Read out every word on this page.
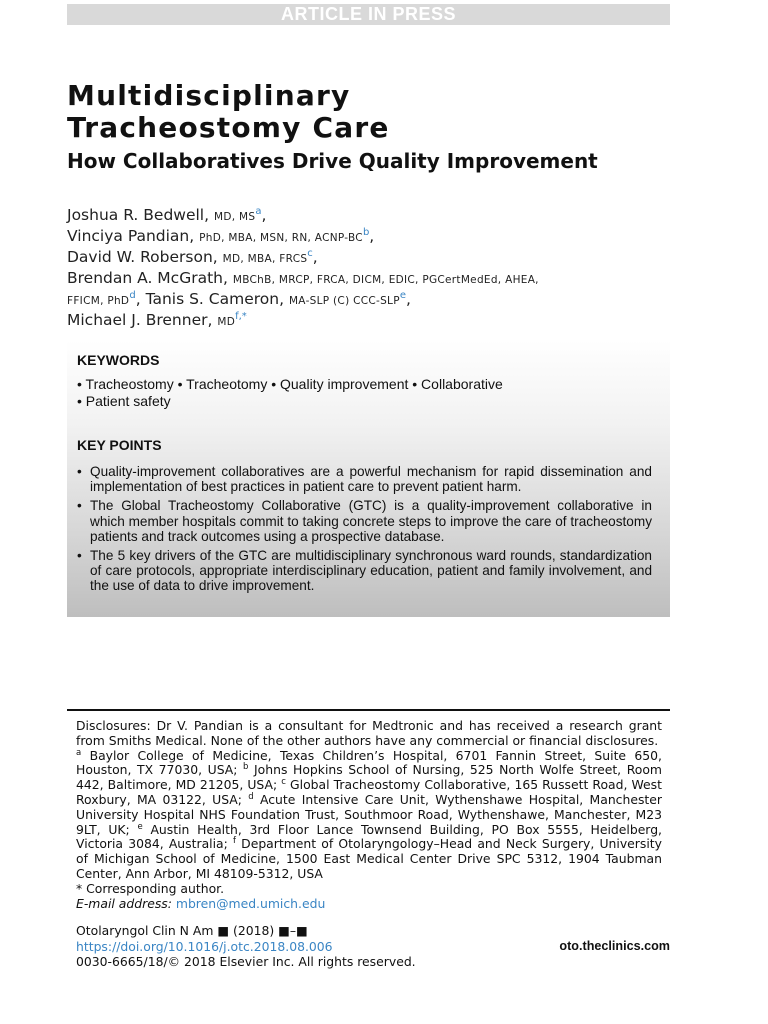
ARTICLE IN PRESS
Multidisciplinary
Tracheostomy Care
How Collaboratives Drive Quality Improvement
Joshua R. Bedwell, MD, MS$^a$,
Vinciya Pandian, PhD, MBA, MSN, RN, ACNP-BC$^b$,
David W. Roberson, MD, MBA, FRCS$^c$,
Brendan A. McGrath, MBChB, MRCP, FRCA, DICM, EDIC, PGCertMedEd, AHEA,
FFICM, PhD$^d$, Tanis S. Cameron, MA-SLP (C) CCC-SLP$^e$,
Michael J. Brenner, MD$^{f,*}$
KEYWORDS
• Tracheostomy • Tracheotomy • Quality improvement • Collaborative
• Patient safety
KEY POINTS
• Quality-improvement collaboratives are a powerful mechanism for rapid dissemination and implementation of best practices in patient care to prevent patient harm.
• The Global Tracheostomy Collaborative (GTC) is a quality-improvement collaborative in which member hospitals commit to taking concrete steps to improve the care of tracheostomy patients and track outcomes using a prospective database.
• The 5 key drivers of the GTC are multidisciplinary synchronous ward rounds, standardization of care protocols, appropriate interdisciplinary education, patient and family involvement, and the use of data to drive improvement.

Disclosures: Dr V. Pandian is a consultant for Medtronic and has received a research grant from Smiths Medical. None of the other authors have any commercial or financial disclosures.

$^a$ Baylor College of Medicine, Texas Children’s Hospital, 6701 Fannin Street, Suite 650, Houston, TX 77030, USA; $^b$ Johns Hopkins School of Nursing, 525 North Wolfe Street, Room 442, Baltimore, MD 21205, USA; $^c$ Global Tracheostomy Collaborative, 165 Russett Road, West Roxbury, MA 03122, USA; $^d$ Acute Intensive Care Unit, Wythenshawe Hospital, Manchester University Hospital NHS Foundation Trust, Southmoor Road, Wythenshawe, Manchester, M23 9LT, UK; $^e$ Austin Health, 3rd Floor Lance Townsend Building, PO Box 5555, Heidelberg, Victoria 3084, Australia; $^f$ Department of Otolaryngology–Head and Neck Surgery, University of Michigan School of Medicine, 1500 East Medical Center Drive SPC 5312, 1904 Taubman Center, Ann Arbor, MI 48109-5312, USA

* Corresponding author.

E-mail address: mbren@med.umich.edu

Otolaryngol Clin N Am ■ (2018) ■–■
https://doi.org/10.1016/j.otc.2018.08.006
0030-6665/18/© 2018 Elsevier Inc. All rights reserved.
oto.theclinics.com
